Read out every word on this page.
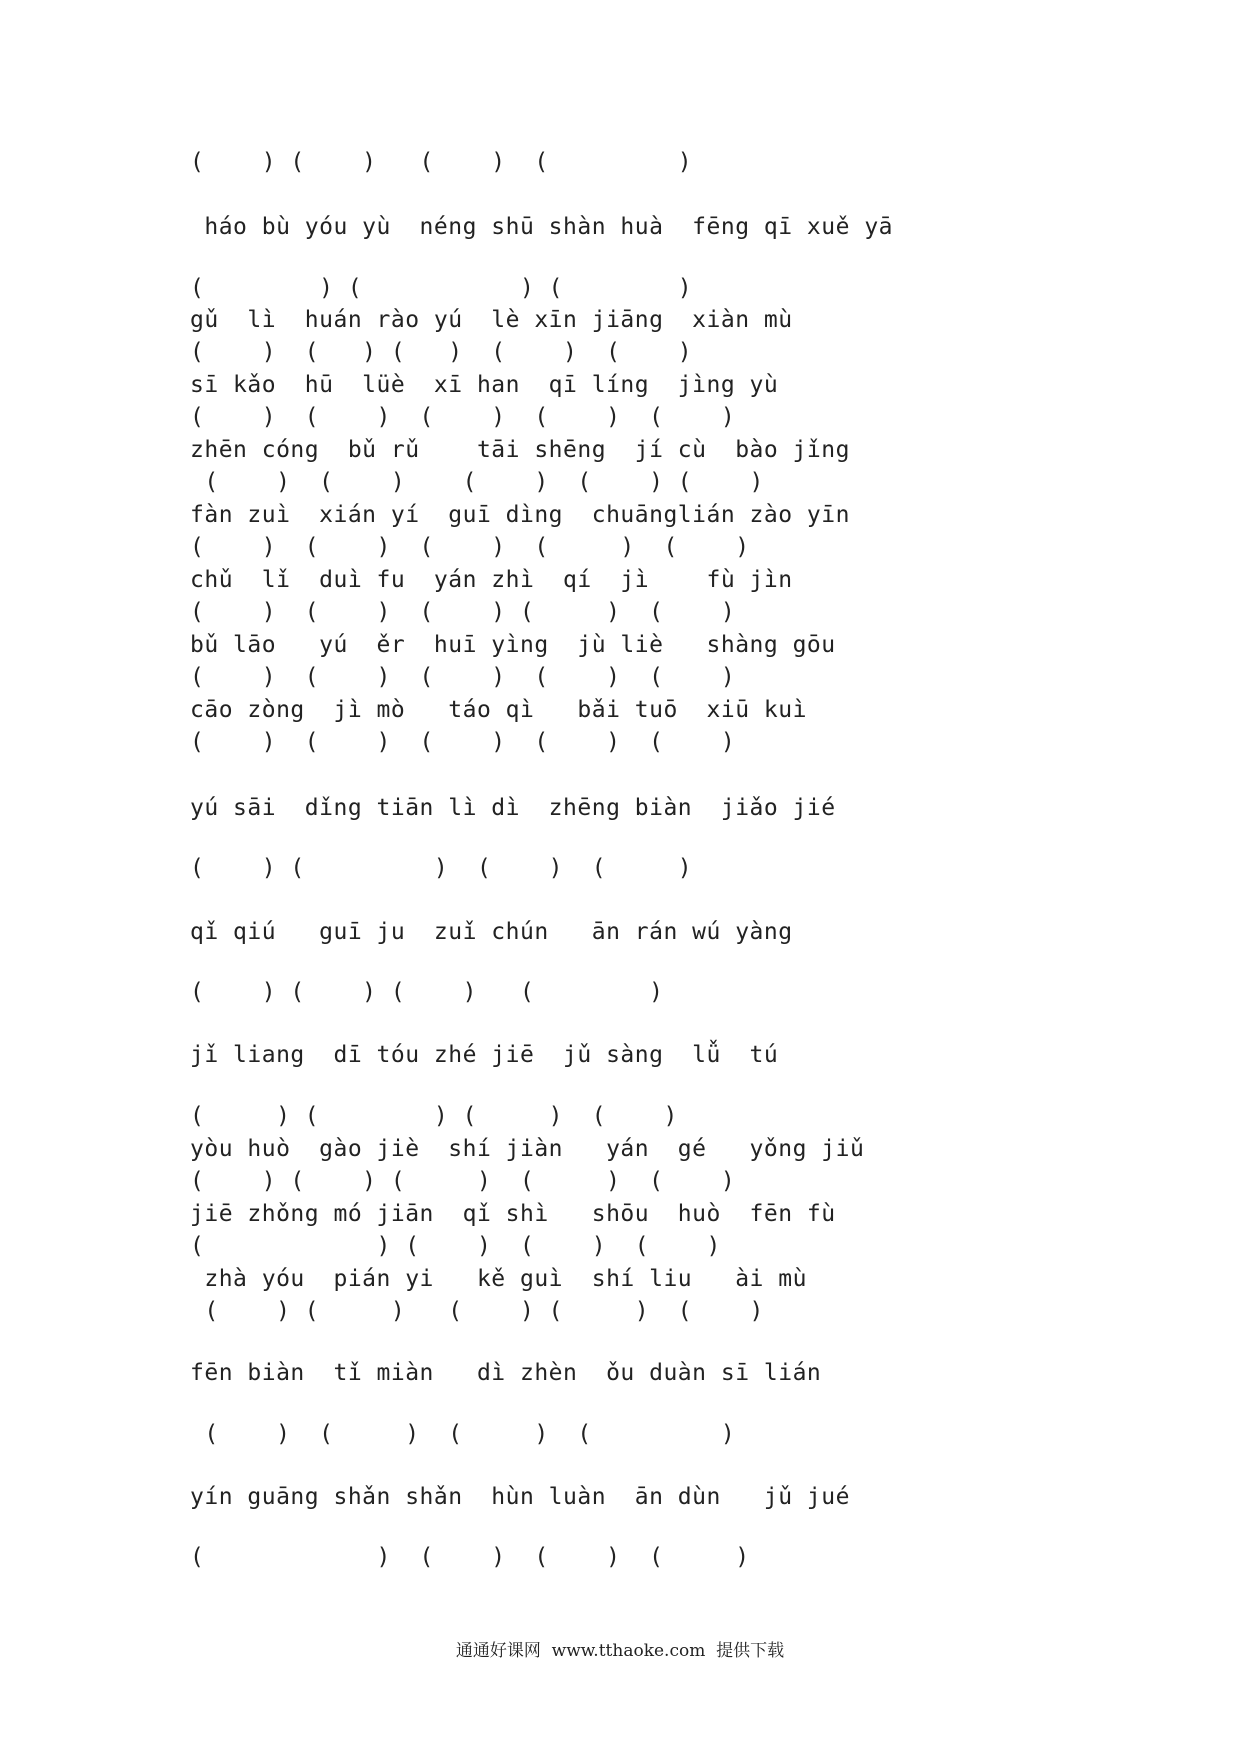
(    ) (    )   (    )  (         )

háo bù yóu yù  néng shū shàn huà  fēng qī xuě yā

(        ) (           ) (        )

gǔ  lì  huán rào yú  lè xīn jiāng  xiàn mù

(    )  (   ) (   )  (    )  (    )

sī kǎo  hū  lüè  xī han  qī líng  jìng yù

(    )  (    )  (    )  (    )  (    )

zhēn cóng  bǔ rǔ    tāi shēng  jí cù  bào jǐng

(    )  (    )    (    )  (    ) (    )

fàn zuì  xián yí  guī dìng  chuānglián zào yīn

(    )  (    )  (    )  (     )  (    )

chǔ  lǐ  duì fu  yán zhì  qí  jì    fù jìn

(    )  (    )  (    ) (     )  (    )

bǔ lāo   yú  ěr  huī yìng  jù liè   shàng gōu

(    )  (    )  (    )  (    )  (    )

cāo zòng  jì mò   táo qì   bǎi tuō  xiū kuì

(    )  (    )  (    )  (    )  (    )

yú sāi  dǐng tiān lì dì  zhēng biàn  jiǎo jié

(    ) (         )  (    )  (     )

qǐ qiú   guī ju  zuǐ chún   ān rán wú yàng

(    ) (    ) (    )   (        )

jǐ liang  dī tóu zhé jiē  jǔ sàng  lǚ  tú

(     ) (        ) (     )  (    )

yòu huò  gào jiè  shí jiàn   yán  gé   yǒng jiǔ

(    ) (    ) (     )  (     )  (    )

jiē zhǒng mó jiān  qǐ shì   shōu  huò  fēn fù

(            ) (    )  (    )  (    )

zhà yóu  pián yi   kě guì  shí liu   ài mù

(    ) (     )   (    ) (     )  (    )

fēn biàn  tǐ miàn   dì zhèn  ǒu duàn sī lián

(    )  (     )  (     )  (         )

yín guāng shǎn shǎn  hùn luàn  ān dùn   jǔ jué

(            )  (    )  (    )  (     )

通通好课网  www.tthaoke.com  提供下载
